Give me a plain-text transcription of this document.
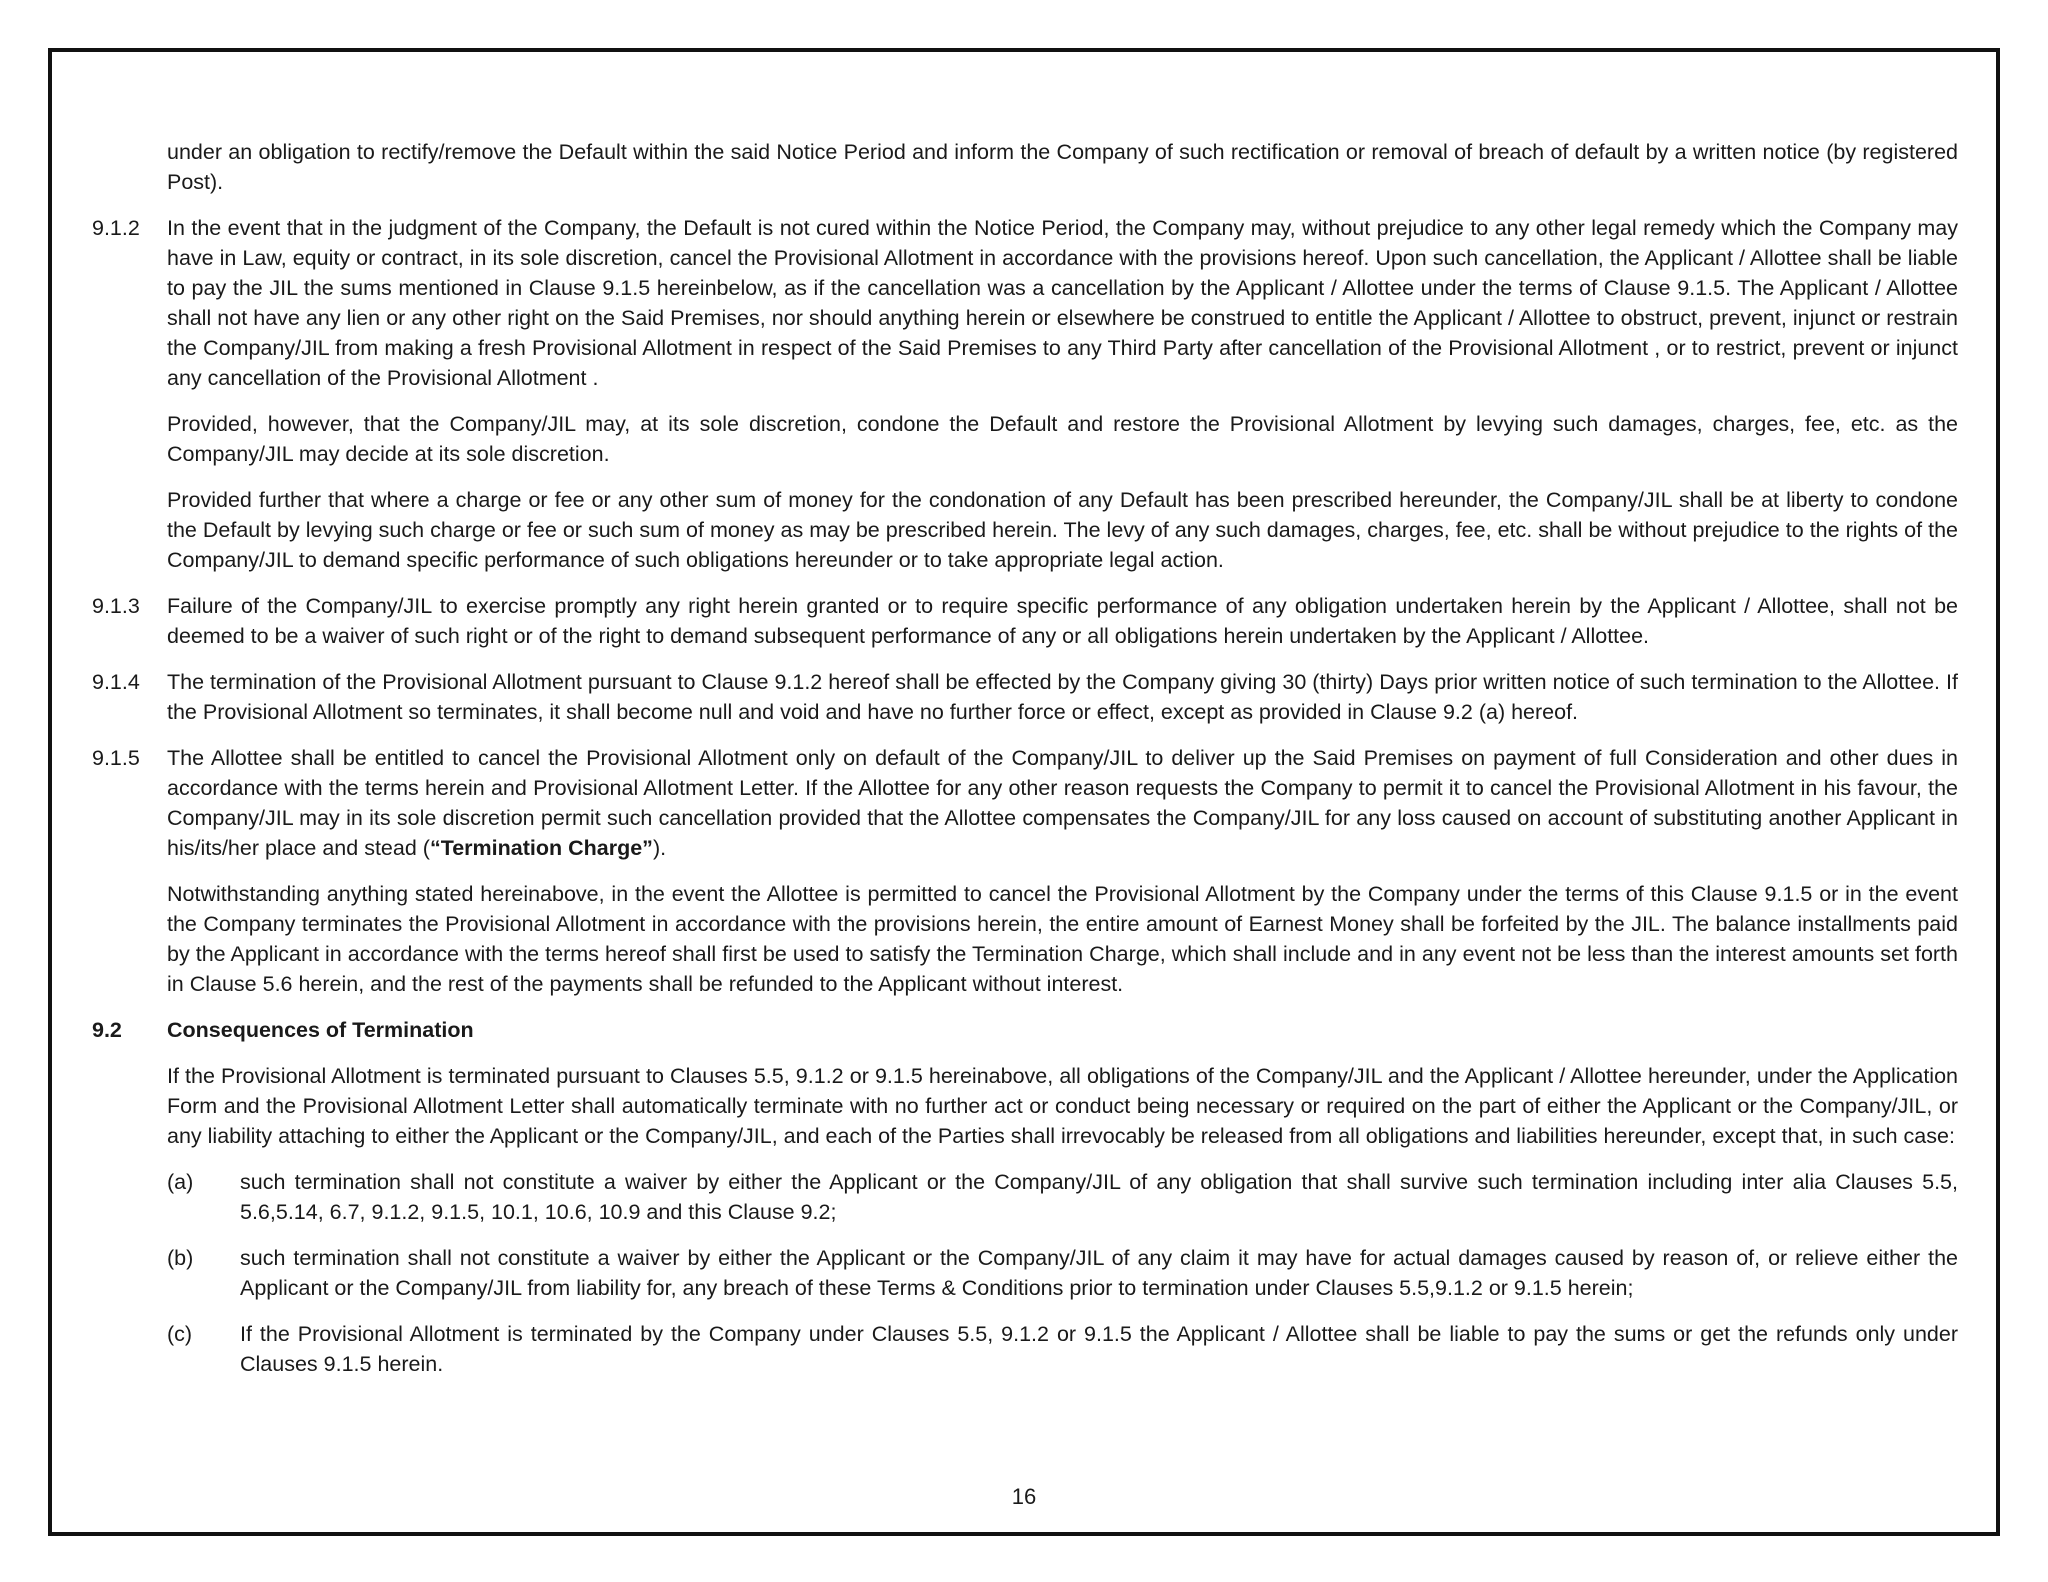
under an obligation to rectify/remove the Default within the said Notice Period and inform the Company of such rectification or removal of breach of default by a written notice (by registered Post).

9.1.2	In the event that in the judgment of the Company, the Default is not cured within the Notice Period, the Company may, without prejudice to any other legal remedy which the Company may have in Law, equity or contract, in its sole discretion, cancel the Provisional Allotment in accordance with the provisions hereof. Upon such cancellation, the Applicant / Allottee shall be liable to pay the JIL the sums mentioned in Clause 9.1.5 hereinbelow, as if the cancellation was a cancellation by the Applicant / Allottee under the terms of Clause 9.1.5. The Applicant / Allottee shall not have any lien or any other right on the Said Premises, nor should anything herein or elsewhere be construed to entitle the Applicant / Allottee to obstruct, prevent, injunct or restrain the Company/JIL from making a fresh Provisional Allotment in respect of the Said Premises to any Third Party after cancellation of the Provisional Allotment , or to restrict, prevent or injunct any cancellation of the Provisional Allotment .

Provided, however, that the Company/JIL may, at its sole discretion, condone the Default and restore the Provisional Allotment by levying such damages, charges, fee, etc. as the Company/JIL may decide at its sole discretion.

Provided further that where a charge or fee or any other sum of money for the condonation of any Default has been prescribed hereunder, the Company/JIL shall be at liberty to condone the Default by levying such charge or fee or such sum of money as may be prescribed herein. The levy of any such damages, charges, fee, etc. shall be without prejudice to the rights of the Company/JIL to demand specific performance of such obligations hereunder or to take appropriate legal action.

9.1.3	Failure of the Company/JIL to exercise promptly any right herein granted or to require specific performance of any obligation undertaken herein by the Applicant / Allottee, shall not be deemed to be a waiver of such right or of the right to demand subsequent performance of any or all obligations herein undertaken by the Applicant / Allottee.

9.1.4	The termination of the Provisional Allotment pursuant to Clause 9.1.2 hereof shall be effected by the Company giving 30 (thirty) Days prior written notice of such termination to the Allottee. If the Provisional Allotment so terminates, it shall become null and void and have no further force or effect, except as provided in Clause 9.2 (a) hereof.

9.1.5	The Allottee shall be entitled to cancel the Provisional Allotment only on default of the Company/JIL to deliver up the Said Premises on payment of full Consideration and other dues in accordance with the terms herein and Provisional Allotment Letter. If the Allottee for any other reason requests the Company to permit it to cancel the Provisional Allotment in his favour, the Company/JIL may in its sole discretion permit such cancellation provided that the Allottee compensates the Company/JIL for any loss caused on account of substituting another Applicant in his/its/her place and stead (“Termination Charge”).

Notwithstanding anything stated hereinabove, in the event the Allottee is permitted to cancel the Provisional Allotment by the Company under the terms of this Clause 9.1.5 or in the event the Company terminates the Provisional Allotment in accordance with the provisions herein, the entire amount of Earnest Money shall be forfeited by the JIL. The balance installments paid by the Applicant in accordance with the terms hereof shall first be used to satisfy the Termination Charge, which shall include and in any event not be less than the interest amounts set forth in Clause 5.6 herein, and the rest of the payments shall be refunded to the Applicant without interest.

9.2	Consequences of Termination

If the Provisional Allotment is terminated pursuant to Clauses 5.5, 9.1.2 or 9.1.5 hereinabove, all obligations of the Company/JIL and the Applicant / Allottee hereunder, under the Application Form and the Provisional Allotment Letter shall automatically terminate with no further act or conduct being necessary or required on the part of either the Applicant or the Company/JIL, or any liability attaching to either the Applicant or the Company/JIL, and each of the Parties shall irrevocably be released from all obligations and liabilities hereunder, except that, in such case:

(a)	such termination shall not constitute a waiver by either the Applicant or the Company/JIL of any obligation that shall survive such termination including inter alia Clauses 5.5, 5.6,5.14, 6.7, 9.1.2, 9.1.5, 10.1, 10.6, 10.9 and this Clause 9.2;

(b)	such termination shall not constitute a waiver by either the Applicant or the Company/JIL of any claim it may have for actual damages caused by reason of, or relieve either the Applicant or the Company/JIL from liability for, any breach of these Terms & Conditions prior to termination under Clauses 5.5,9.1.2 or 9.1.5 herein;

(c)	If the Provisional Allotment is terminated by the Company under Clauses 5.5, 9.1.2 or 9.1.5 the Applicant / Allottee shall be liable to pay the sums or get the refunds only under Clauses 9.1.5 herein.

16
